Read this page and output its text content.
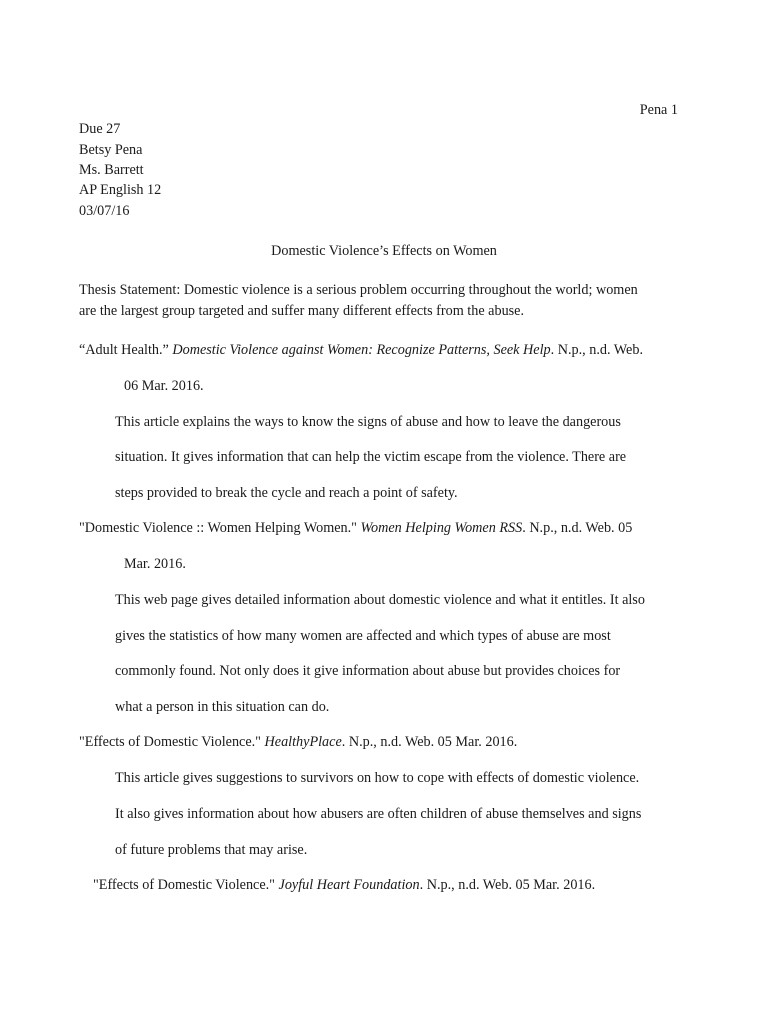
Pena 1
Due 27
Betsy Pena
Ms. Barrett
AP English 12
03/07/16
Domestic Violence’s Effects on Women
Thesis Statement: Domestic violence is a serious problem occurring throughout the world; women
are the largest group targeted and suffer many different effects from the abuse.
“Adult Health.” Domestic Violence against Women: Recognize Patterns, Seek Help. N.p., n.d. Web.
06 Mar. 2016.
This article explains the ways to know the signs of abuse and how to leave the dangerous
situation. It gives information that can help the victim escape from the violence. There are
steps provided to break the cycle and reach a point of safety.
"Domestic Violence :: Women Helping Women." Women Helping Women RSS. N.p., n.d. Web. 05
Mar. 2016.
This web page gives detailed information about domestic violence and what it entitles. It also
gives the statistics of how many women are affected and which types of abuse are most
commonly found. Not only does it give information about abuse but provides choices for
what a person in this situation can do.
"Effects of Domestic Violence." HealthyPlace. N.p., n.d. Web. 05 Mar. 2016.
This article gives suggestions to survivors on how to cope with effects of domestic violence.
It also gives information about how abusers are often children of abuse themselves and signs
of future problems that may arise.
"Effects of Domestic Violence." Joyful Heart Foundation. N.p., n.d. Web. 05 Mar. 2016.
